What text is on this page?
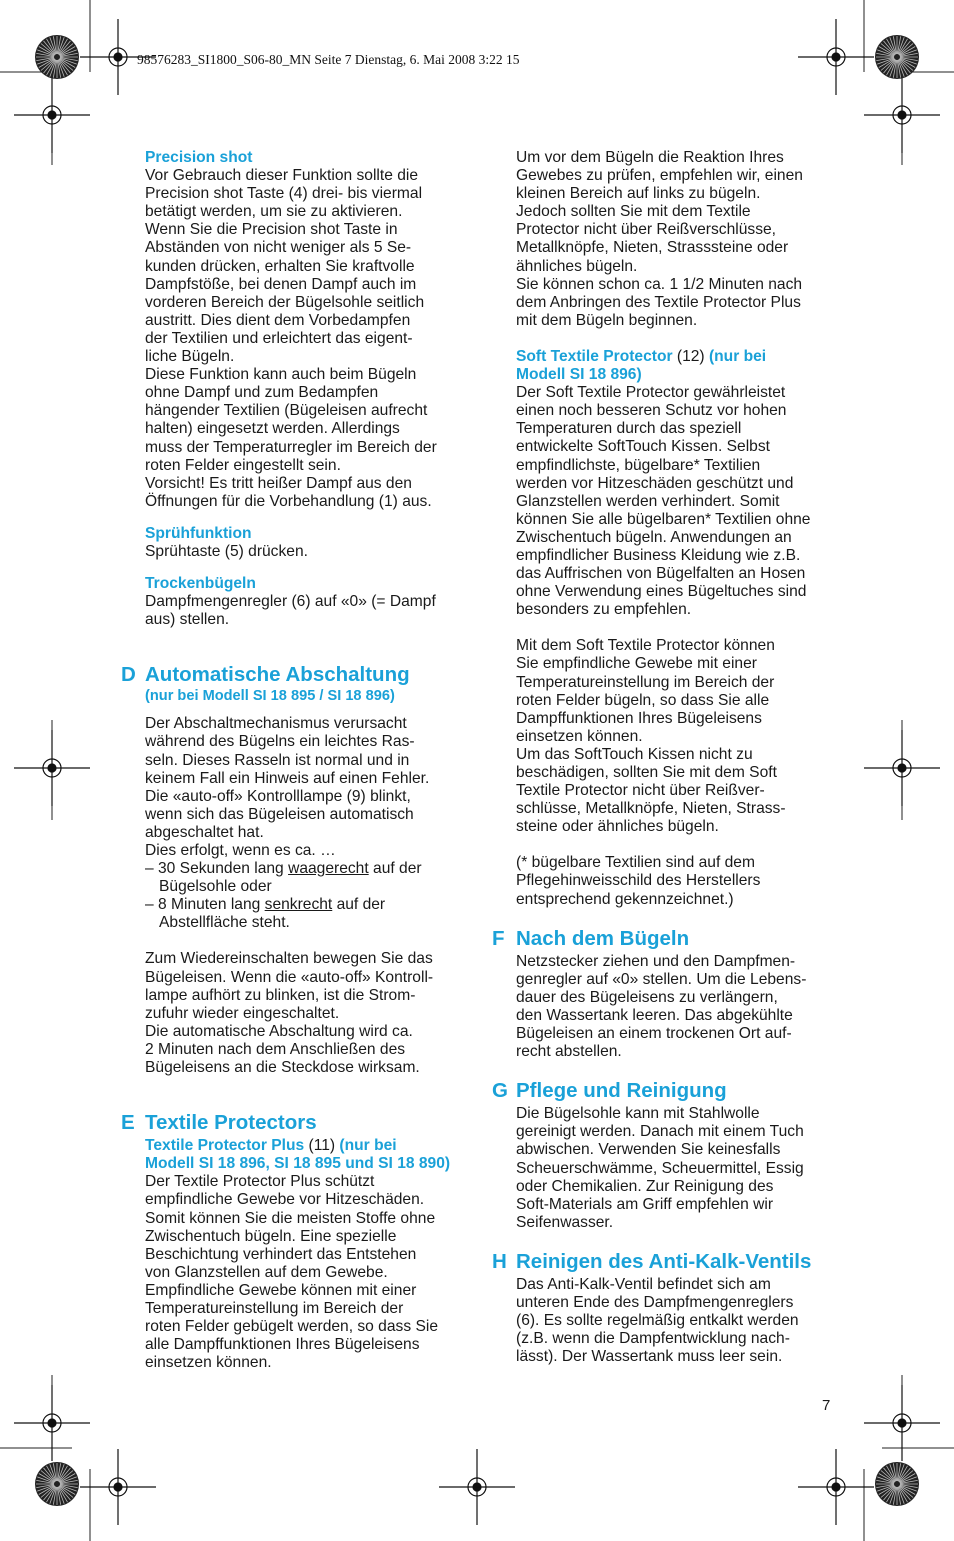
98576283_SI1800_S06-80_MN Seite 7 Dienstag, 6. Mai 2008 3:22 15
Precision shot
Vor Gebrauch dieser Funktion sollte die
Precision shot Taste (4) drei- bis viermal
betätigt werden, um sie zu aktivieren.
Wenn Sie die Precision shot Taste in
Abständen von nicht weniger als 5 Se-
kunden drücken, erhalten Sie kraftvolle
Dampfstöße, bei denen Dampf auch im
vorderen Bereich der Bügelsohle seitlich
austritt. Dies dient dem Vorbedampfen
der Textilien und erleichtert das eigent-
liche Bügeln.
Diese Funktion kann auch beim Bügeln
ohne Dampf und zum Bedampfen
hängender Textilien (Bügeleisen aufrecht
halten) eingesetzt werden. Allerdings
muss der Temperaturregler im Bereich der
roten Felder eingestellt sein.
Vorsicht! Es tritt heißer Dampf aus den
Öffnungen für die Vorbehandlung (1) aus.
Sprühfunktion

Sprühtaste (5) drücken.

Trockenbügeln
Dampfmengenregler (6) auf «0» (= Dampf
aus) stellen.
D Automatische Abschaltung
(nur bei Modell SI 18 895 / SI 18 896)
Der Abschaltmechanismus verursacht
während des Bügelns ein leichtes Ras-
seln. Dieses Rasseln ist normal und in
keinem Fall ein Hinweis auf einen Fehler.
Die «auto-off» Kontrolllampe (9) blinkt,
wenn sich das Bügeleisen automatisch
abgeschaltet hat.

Dies erfolgt, wenn es ca. …

– 30 Sekunden lang waagerecht auf der
Bügelsohle oder
– 8 Minuten lang senkrecht auf der
Abstellfläche steht.
Zum Wiedereinschalten bewegen Sie das
Bügeleisen. Wenn die «auto-off» Kontroll-
lampe aufhört zu blinken, ist die Strom-
zufuhr wieder eingeschaltet.
Die automatische Abschaltung wird ca.
2 Minuten nach dem Anschließen des
Bügeleisens an die Steckdose wirksam.
E Textile Protectors
Textile Protector Plus (11) (nur bei
Modell SI 18 896, SI 18 895 und SI 18 890)
Der Textile Protector Plus schützt
empfindliche Gewebe vor Hitzeschäden.
Somit können Sie die meisten Stoffe ohne
Zwischentuch bügeln. Eine spezielle
Beschichtung verhindert das Entstehen
von Glanzstellen auf dem Gewebe.
Empfindliche Gewebe können mit einer
Temperatureinstellung im Bereich der
roten Felder gebügelt werden, so dass Sie
alle Dampffunktionen Ihres Bügeleisens
einsetzen können.
Um vor dem Bügeln die Reaktion Ihres
Gewebes zu prüfen, empfehlen wir, einen
kleinen Bereich auf links zu bügeln.
Jedoch sollten Sie mit dem Textile
Protector nicht über Reißverschlüsse,
Metallknöpfe, Nieten, Strasssteine oder
ähnliches bügeln.
Sie können schon ca. 1 1/2 Minuten nach
dem Anbringen des Textile Protector Plus
mit dem Bügeln beginnen.
Soft Textile Protector (12) (nur bei
Modell SI 18 896)
Der Soft Textile Protector gewährleistet
einen noch besseren Schutz vor hohen
Temperaturen durch das speziell
entwickelte SoftTouch Kissen. Selbst
empfindlichste, bügelbare* Textilien
werden vor Hitzeschäden geschützt und
Glanzstellen werden verhindert. Somit
können Sie alle bügelbaren* Textilien ohne
Zwischentuch bügeln. Anwendungen an
empfindlicher Business Kleidung wie z.B.
das Auffrischen von Bügelfalten an Hosen
ohne Verwendung eines Bügeltuches sind
besonders zu empfehlen.
Mit dem Soft Textile Protector können
Sie empfindliche Gewebe mit einer
Temperatureinstellung im Bereich der
roten Felder bügeln, so dass Sie alle
Dampffunktionen Ihres Bügeleisens
einsetzen können.
Um das SoftTouch Kissen nicht zu
beschädigen, sollten Sie mit dem Soft
Textile Protector nicht über Reißver-
schlüsse, Metallknöpfe, Nieten, Strass-
steine oder ähnliches bügeln.
(* bügelbare Textilien sind auf dem
Pflegehinweisschild des Herstellers
entsprechend gekennzeichnet.)
F Nach dem Bügeln
Netzstecker ziehen und den Dampfmen-
genregler auf «0» stellen. Um die Lebens-
dauer des Bügeleisens zu verlängern,
den Wassertank leeren. Das abgekühlte
Bügeleisen an einem trockenen Ort auf-
recht abstellen.
G Pflege und Reinigung
Die Bügelsohle kann mit Stahlwolle
gereinigt werden. Danach mit einem Tuch
abwischen. Verwenden Sie keinesfalls
Scheuerschwämme, Scheuermittel, Essig
oder Chemikalien. Zur Reinigung des
Soft-Materials am Griff empfehlen wir
Seifenwasser.
H Reinigen des Anti-Kalk-Ventils
Das Anti-Kalk-Ventil befindet sich am
unteren Ende des Dampfmengenreglers
(6). Es sollte regelmäßig entkalkt werden
(z.B. wenn die Dampfentwicklung nach-
lässt). Der Wassertank muss leer sein.
7
